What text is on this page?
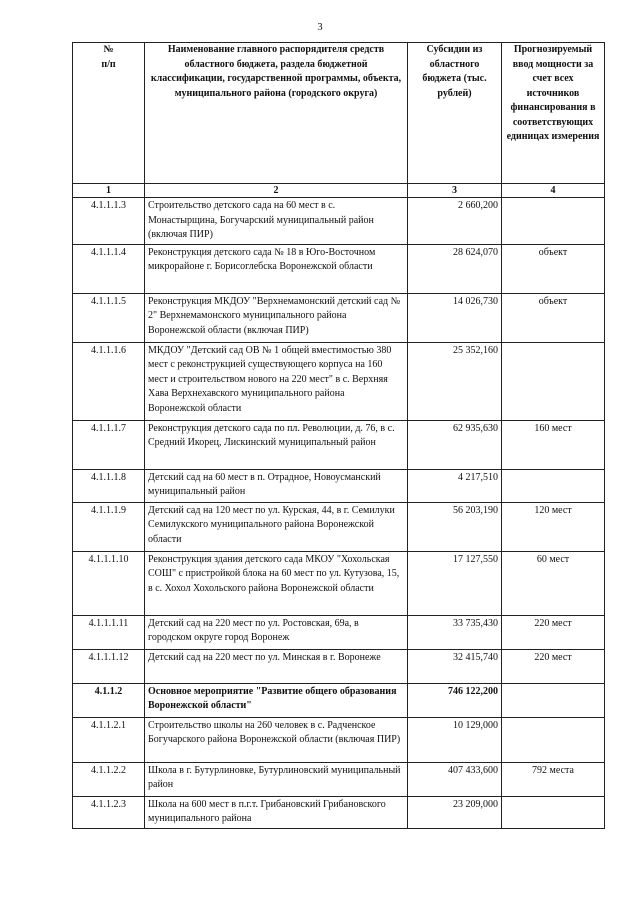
3
№
п/п	Наименование главного распорядителя средств областного бюджета, раздела бюджетной классификации, государственной программы, объекта, муниципального района (городского округа)	Субсидии из областного бюджета (тыс. рублей)	Прогнозируемый ввод мощности за счет всех источников финансирования в соответствующих единицах измерения
1	2	3	4
4.1.1.1.3	Строительство детского сада на 60 мест в с. Монастырщина, Богучарский муниципальный район (включая ПИР)	2 660,200	
4.1.1.1.4	Реконструкция детского сада № 18 в Юго-Восточном микрорайоне г. Борисоглебска Воронежской области	28 624,070	объект
4.1.1.1.5	Реконструкция МКДОУ "Верхнемамонский детский сад № 2" Верхнемамонского муниципального района Воронежской области (включая ПИР)	14 026,730	объект
4.1.1.1.6	МКДОУ "Детский сад ОВ № 1 общей вместимостью 380 мест с реконструкцией существующего корпуса на 160 мест и строительством нового на 220 мест" в с. Верхняя Хава Верхнехавского муниципального района Воронежской области	25 352,160	
4.1.1.1.7	Реконструкция детского сада по пл. Революции, д. 76, в с. Средний Икорец, Лискинский муниципальный район	62 935,630	160 мест
4.1.1.1.8	Детский сад на 60 мест в п. Отрадное, Новоусманский муниципальный район	4 217,510	
4.1.1.1.9	Детский сад на 120 мест по ул. Курская, 44, в г. Семилуки Семилукского муниципального района Воронежской области	56 203,190	120 мест
4.1.1.1.10	Реконструкция здания детского сада МКОУ "Хохольская СОШ" с пристройкой блока на 60 мест по ул. Кутузова, 15, в с. Хохол Хохольского района Воронежской области	17 127,550	60 мест
4.1.1.1.11	Детский сад на 220 мест по ул. Ростовская, 69а, в городском округе город Воронеж	33 735,430	220 мест
4.1.1.1.12	Детский сад на 220 мест по ул. Минская в г. Воронеже	32 415,740	220 мест
4.1.1.2	Основное мероприятие "Развитие общего образования Воронежской области"	746 122,200	
4.1.1.2.1	Строительство школы на 260 человек в с. Радченское Богучарского района Воронежской области (включая ПИР)	10 129,000	
4.1.1.2.2	Школа в г. Бутурлиновке, Бутурлиновский муниципальный район	407 433,600	792 места
4.1.1.2.3	Школа на 600 мест в п.г.т. Грибановский Грибановского муниципального района	23 209,000	
